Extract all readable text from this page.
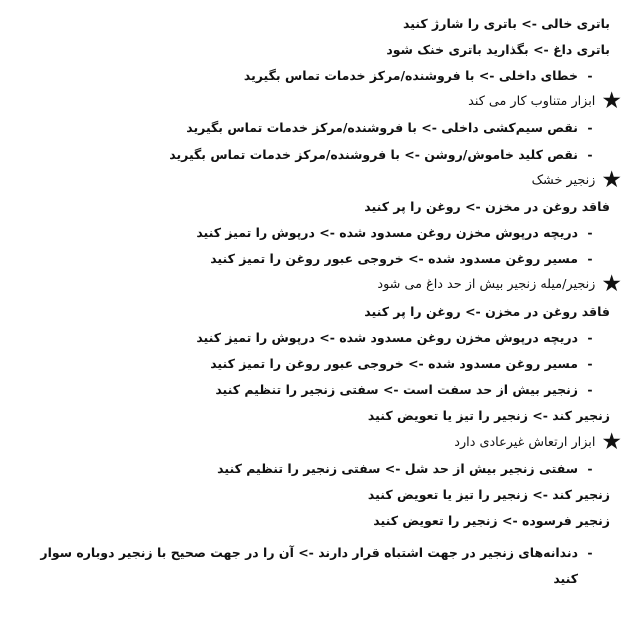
باتری خالی -> باتری را شارژ کنید
باتری داغ -> بگذارید باتری خنک شود
-
خطای داخلی -> با فروشنده/مرکز خدمات تماس بگیرید
★
ابزار متناوب کار می کند
-
نقص سیم‌کشی داخلی -> با فروشنده/مرکز خدمات تماس بگیرید
-
نقص کلید خاموش/روشن -> با فروشنده/مرکز خدمات تماس بگیرید
★
زنجیر خشک
فاقد روغن در مخزن -> روغن را پر کنید
-
دریچه درپوش مخزن روغن مسدود شده -> درپوش را تمیز کنید
-
مسیر روغن مسدود شده -> خروجی عبور روغن را تمیز کنید
★
زنجیر/میله زنجیر بیش از حد داغ می شود
فاقد روغن در مخزن -> روغن را پر کنید
-
دریچه درپوش مخزن روغن مسدود شده -> درپوش را تمیز کنید
-
مسیر روغن مسدود شده -> خروجی عبور روغن را تمیز کنید
-
زنجیر بیش از حد سفت است -> سفتی زنجیر را تنظیم کنید
زنجیر کند -> زنجیر را تیز یا تعویض کنید
★
ابزار ارتعاش غیرعادی دارد
-
سفتی زنجیر بیش از حد شل -> سفتی زنجیر را تنظیم کنید
زنجیر کند -> زنجیر را تیز یا تعویض کنید
زنجیر فرسوده -> زنجیر را تعویض کنید
-
دندانه‌های زنجیر در جهت اشتباه قرار دارند -> آن را در جهت صحیح با زنجیر دوباره سوار کنید
